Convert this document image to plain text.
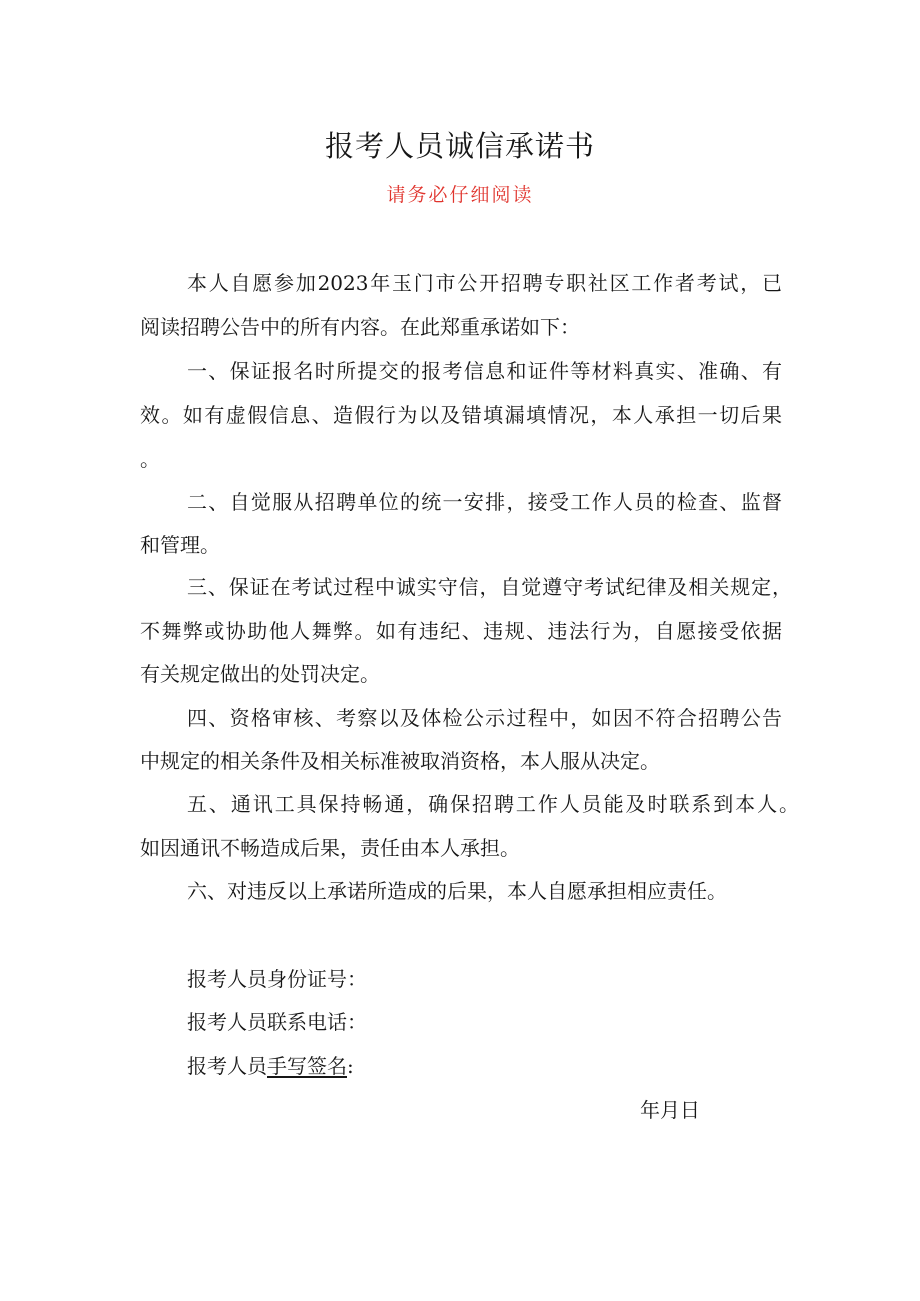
报考人员诚信承诺书
请务必仔细阅读
本人自愿参加2023年玉门市公开招聘专职社区工作者考试，已
阅读招聘公告中的所有内容。在此郑重承诺如下：
一、保证报名时所提交的报考信息和证件等材料真实、准确、有
效。如有虚假信息、造假行为以及错填漏填情况，本人承担一切后果
。
二、自觉服从招聘单位的统一安排，接受工作人员的检查、监督
和管理。
三、保证在考试过程中诚实守信，自觉遵守考试纪律及相关规定，
不舞弊或协助他人舞弊。如有违纪、违规、违法行为，自愿接受依据
有关规定做出的处罚决定。
四、资格审核、考察以及体检公示过程中，如因不符合招聘公告
中规定的相关条件及相关标准被取消资格，本人服从决定。
五、通讯工具保持畅通，确保招聘工作人员能及时联系到本人。
如因通讯不畅造成后果，责任由本人承担。
六、对违反以上承诺所造成的后果，本人自愿承担相应责任。
报考人员身份证号：
报考人员联系电话：
报考人员手写签名:
年月日
